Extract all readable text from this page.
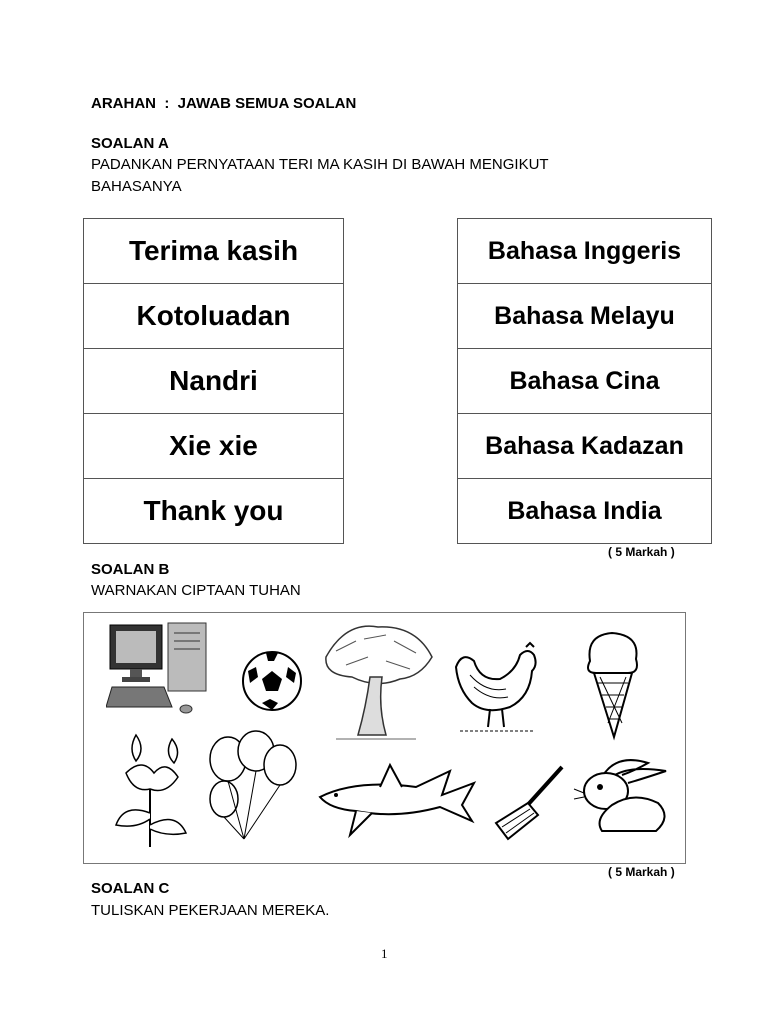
ARAHAN  :  JAWAB SEMUA SOALAN
SOALAN A
PADANKAN PERNYATAAN TERI MA KASIH DI BAWAH MENGIKUT
BAHASANYA
Terima kasih
Kotoluadan
Nandri
Xie xie
Thank you
Bahasa Inggeris
Bahasa Melayu
Bahasa Cina
Bahasa Kadazan
Bahasa India
( 5 Markah )
SOALAN B
WARNAKAN CIPTAAN TUHAN
( 5 Markah )
SOALAN C
TULISKAN PEKERJAAN MEREKA.
1
